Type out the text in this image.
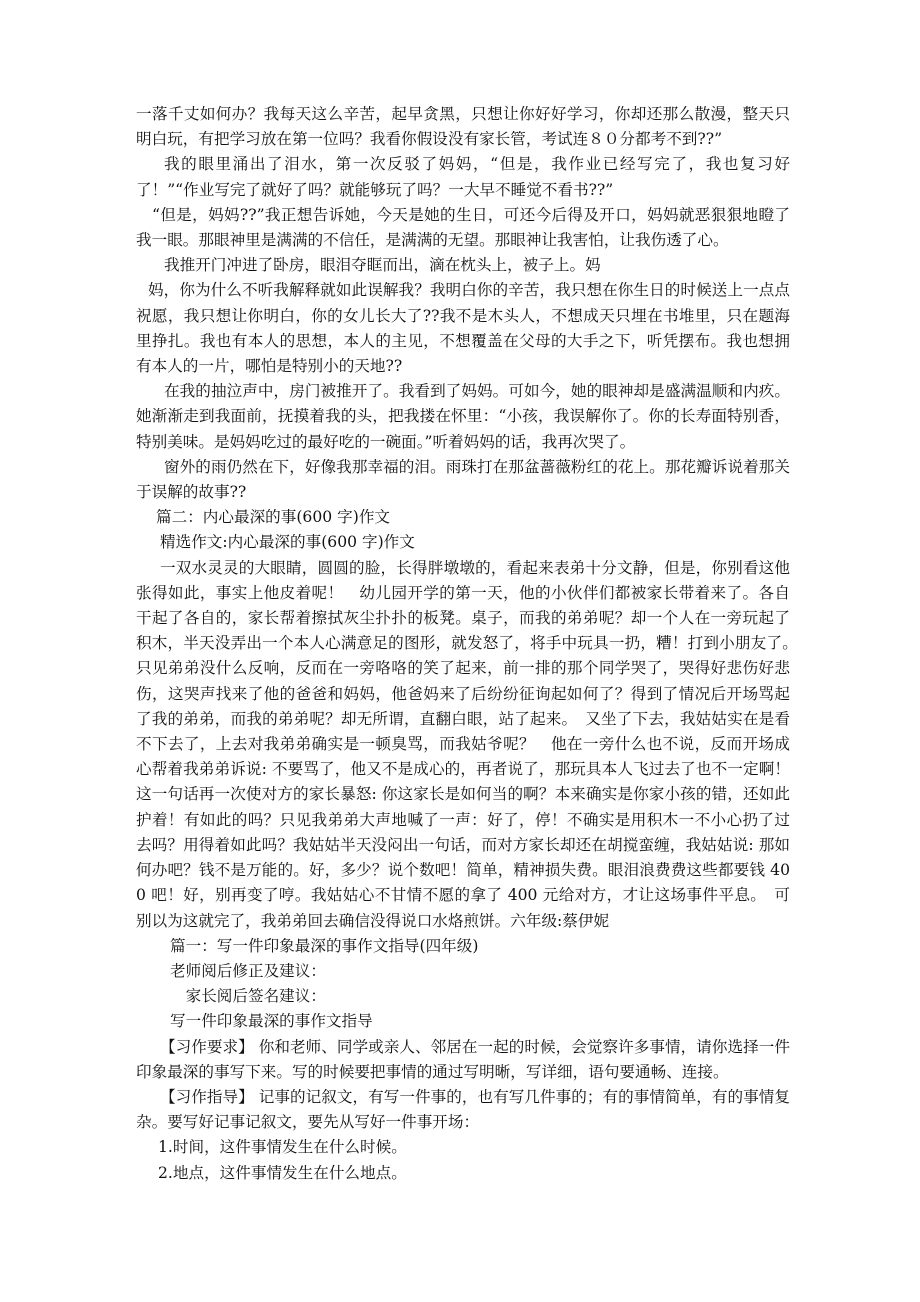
一落千丈如何办？我每天这么辛苦，起早贪黑，只想让你好好学习，你却还那么散漫，整天只明白玩，有把学习放在第一位吗？我看你假设没有家长管，考试连８０分都考不到??”

我的眼里涌出了泪水，第一次反驳了妈妈，“但是，我作业已经写完了，我也复习好了！”“作业写完了就好了吗？就能够玩了吗？一大早不睡觉不看书??”

“但是，妈妈??”我正想告诉她，今天是她的生日，可还今后得及开口，妈妈就恶狠狠地瞪了我一眼。那眼神里是满满的不信任，是满满的无望。那眼神让我害怕，让我伤透了心。

我推开门冲进了卧房，眼泪夺眶而出，滴在枕头上，被子上。妈

妈，你为什么不听我解释就如此误解我？我明白你的辛苦，我只想在你生日的时候送上一点点祝愿，我只想让你明白，你的女儿长大了??我不是木头人，不想成天只埋在书堆里，只在题海里挣扎。我也有本人的思想，本人的主见，不想覆盖在父母的大手之下，听凭摆布。我也想拥有本人的一片，哪怕是特别小的天地??

在我的抽泣声中，房门被推开了。我看到了妈妈。可如今，她的眼神却是盛满温顺和内疚。她渐渐走到我面前，抚摸着我的头，把我搂在怀里：“小孩，我误解你了。你的长寿面特别香，特别美味。是妈妈吃过的最好吃的一碗面。”听着妈妈的话，我再次哭了。

窗外的雨仍然在下，好像我那幸福的泪。雨珠打在那盆蔷薇粉红的花上。那花瓣诉说着那关于误解的故事??

篇二：内心最深的事(600 字)作文

精选作文:内心最深的事(600 字)作文

一双水灵灵的大眼睛，圆圆的脸，长得胖墩墩的，看起来表弟十分文静，但是，你别看这他张得如此，事实上他皮着呢！　幼儿园开学的第一天，他的小伙伴们都被家长带着来了。各自干起了各自的，家长帮着擦拭灰尘扑扑的板凳。桌子，而我的弟弟呢？却一个人在一旁玩起了积木，半天没弄出一个本人心满意足的图形，就发怒了，将手中玩具一扔，糟！打到小朋友了。　只见弟弟没什么反响，反而在一旁咯咯的笑了起来，前一排的那个同学哭了，哭得好悲伤好悲伤，这哭声找来了他的爸爸和妈妈，他爸妈来了后纷纷征询起如何了？得到了情况后开场骂起了我的弟弟，而我的弟弟呢？却无所谓，直翻白眼，站了起来。　又坐了下去，我姑姑实在是看不下去了，上去对我弟弟确实是一顿臭骂，而我姑爷呢？　他在一旁什么也不说，反而开场成心帮着我弟弟诉说: 不要骂了，他又不是成心的，再者说了，那玩具本人飞过去了也不一定啊！　这一句话再一次使对方的家长暴怒: 你这家长是如何当的啊？本来确实是你家小孩的错，还如此护着！有如此的吗？只见我弟弟大声地喊了一声：好了，停！不确实是用积木一不小心扔了过去吗？用得着如此吗？我姑姑半天没闷出一句话，而对方家长却还在胡搅蛮缠，我姑姑说: 那如何办吧？钱不是万能的。好，多少？说个数吧！简单，精神损失费。眼泪浪费费这些都要钱 400 吧！好，别再变了哼。我姑姑心不甘情不愿的拿了 400 元给对方，才让这场事件平息。　可别以为这就完了，我弟弟回去确信没得说口水烙煎饼。六年级:蔡伊妮

篇一：写一件印象最深的事作文指导(四年级)

老师阅后修正及建议：

　家长阅后签名建议：

写一件印象最深的事作文指导

【习作要求】 你和老师、同学或亲人、邻居在一起的时候，会觉察许多事情，请你选择一件印象最深的事写下来。写的时候要把事情的通过写明晰，写详细，语句要通畅、连接。

【习作指导】 记事的记叙文，有写一件事的，也有写几件事的；有的事情简单，有的事情复杂。要写好记事记叙文，要先从写好一件事开场：

1.时间，这件事情发生在什么时候。

2.地点，这件事情发生在什么地点。
